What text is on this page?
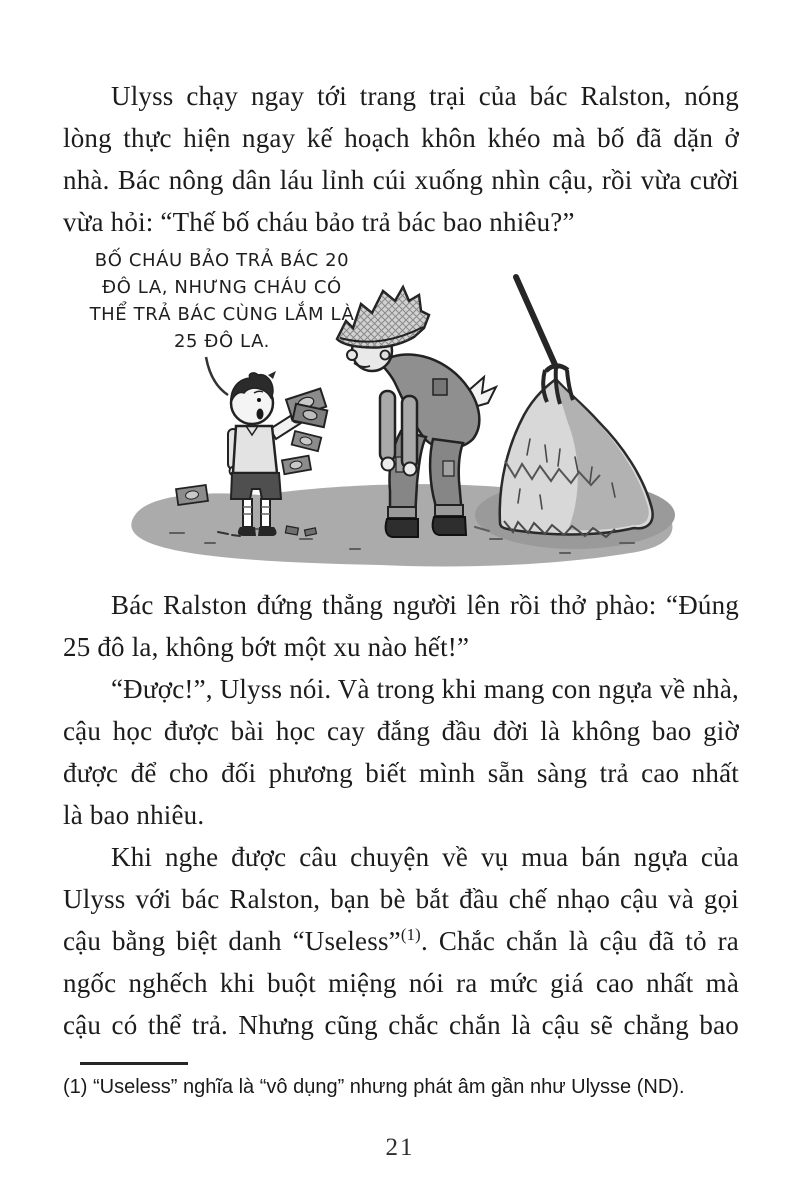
Ulyss chạy ngay tới trang trại của bác Ralston, nóng
lòng thực hiện ngay kế hoạch khôn khéo mà bố đã dặn ở
nhà. Bác nông dân láu lỉnh cúi xuống nhìn cậu, rồi vừa cười
vừa hỏi: “Thế bố cháu bảo trả bác bao nhiêu?”
BỐ CHÁU BẢO TRẢ BÁC 20
ĐÔ LA, NHƯNG CHÁU CÓ
THỂ TRẢ BÁC CÙNG LẮM LÀ
25 ĐÔ LA.
Bác Ralston đứng thẳng người lên rồi thở phào: “Đúng
25 đô la, không bớt một xu nào hết!”
“Được!”, Ulyss nói. Và trong khi mang con ngựa về nhà,
cậu học được bài học cay đắng đầu đời là không bao giờ
được để cho đối phương biết mình sẵn sàng trả cao nhất
là bao nhiêu.
Khi nghe được câu chuyện về vụ mua bán ngựa của
Ulyss với bác Ralston, bạn bè bắt đầu chế nhạo cậu và gọi
cậu bằng biệt danh “Useless”$^{(1)}$. Chắc chắn là cậu đã tỏ ra
ngốc nghếch khi buột miệng nói ra mức giá cao nhất mà
cậu có thể trả. Nhưng cũng chắc chắn là cậu sẽ chẳng bao
(1) “Useless” nghĩa là “vô dụng” nhưng phát âm gần như Ulysse (ND).
21
